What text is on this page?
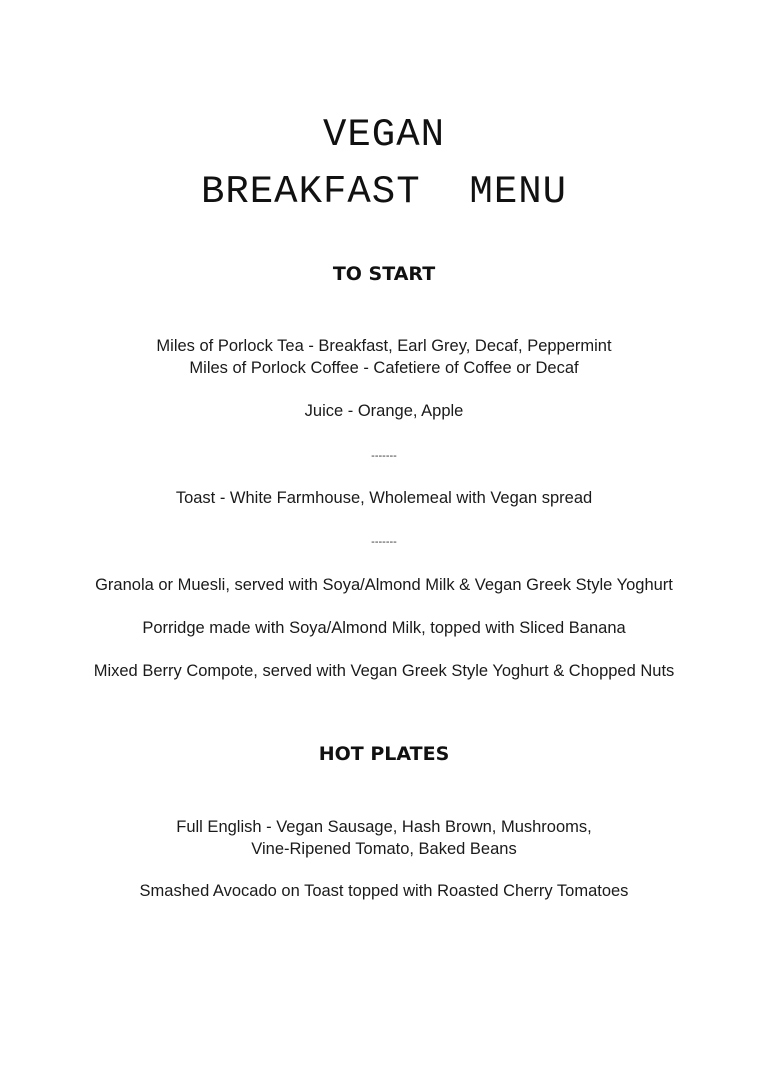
VEGAN
BREAKFAST  MENU
TO START
Miles of Porlock Tea - Breakfast, Earl Grey, Decaf, Peppermint
Miles of Porlock Coffee - Cafetiere of Coffee or Decaf
Juice - Orange, Apple
-------
Toast - White Farmhouse, Wholemeal with Vegan spread
-------
Granola or Muesli, served with Soya/Almond Milk & Vegan Greek Style Yoghurt
Porridge made with Soya/Almond Milk, topped with Sliced Banana
Mixed Berry Compote, served with Vegan Greek Style Yoghurt & Chopped Nuts
HOT PLATES
Full English - Vegan Sausage, Hash Brown, Mushrooms,
Vine-Ripened Tomato, Baked Beans
Smashed Avocado on Toast topped with Roasted Cherry Tomatoes
